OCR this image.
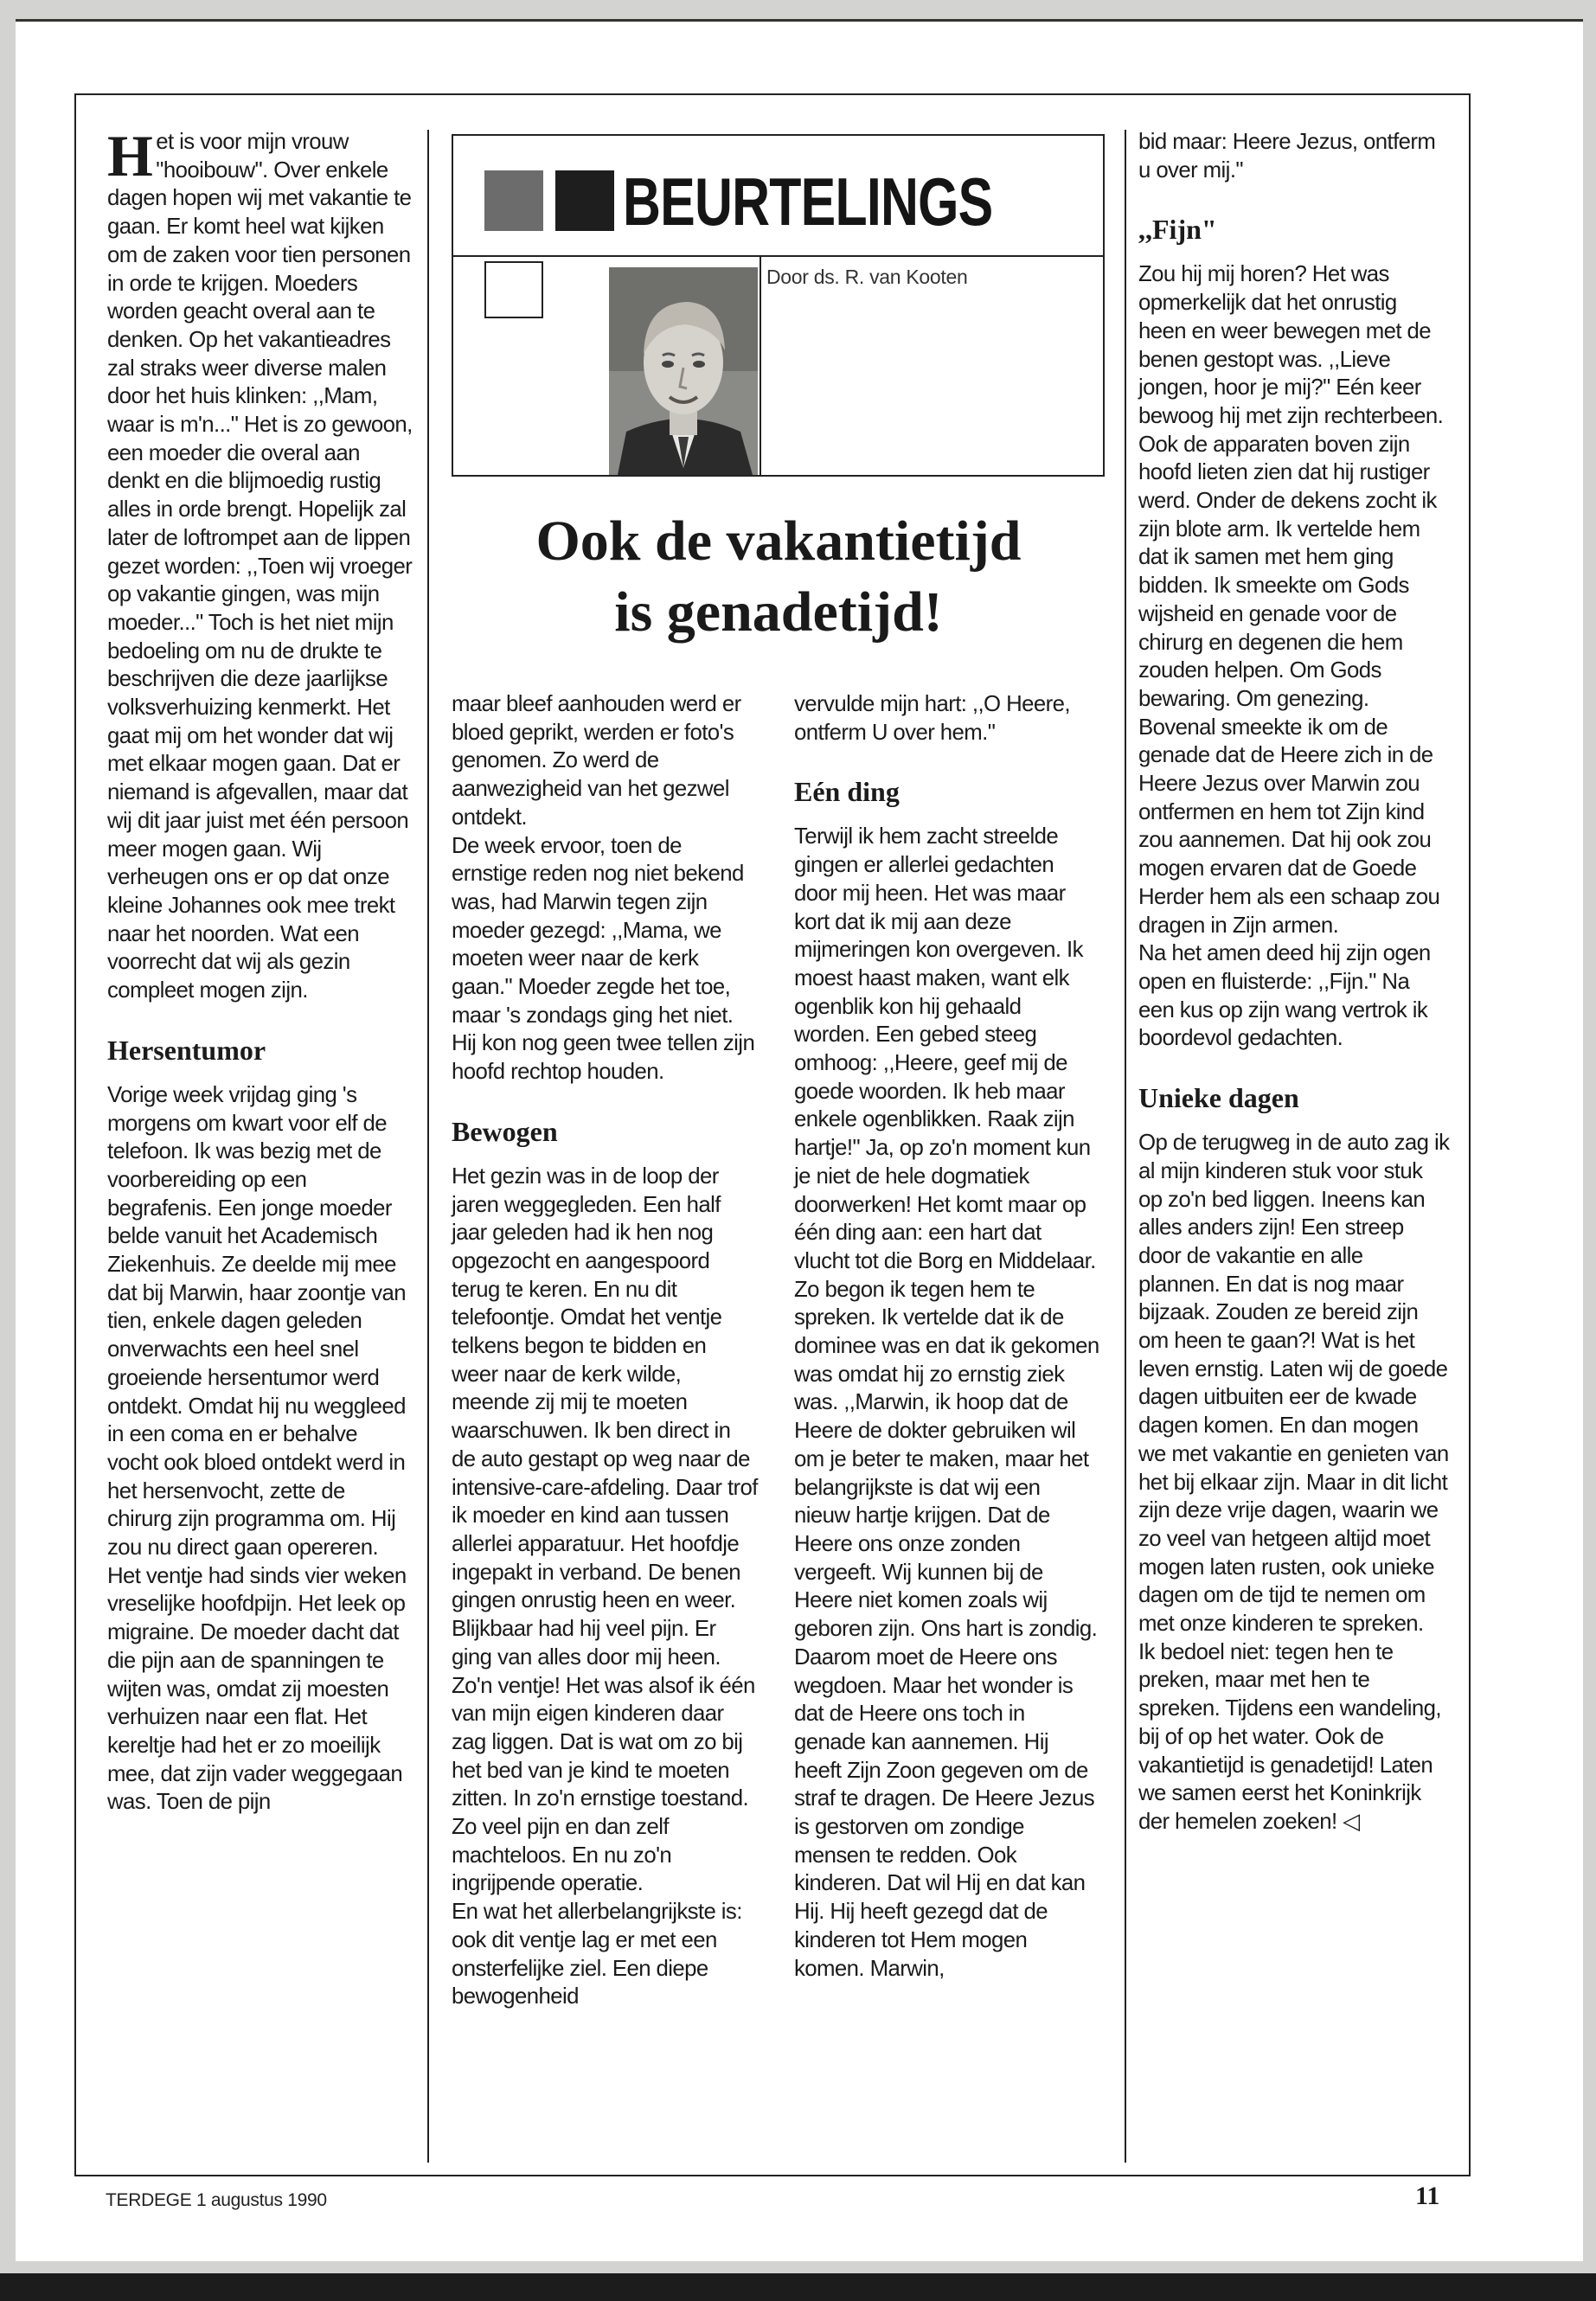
BEURTELINGS
Door ds. R. van Kooten
Ook de vakantietijd
is genadetijd!

Het is voor mijn vrouw "hooibouw". Over enkele dagen hopen wij met vakantie te gaan. Er komt heel wat kijken om de zaken voor tien personen in orde te krijgen. Moeders worden geacht overal aan te denken. Op het vakantieadres zal straks weer diverse malen door het huis klinken: ,,Mam, waar is m'n..." Het is zo gewoon, een moeder die overal aan denkt en die blijmoedig rustig alles in orde brengt. Hopelijk zal later de loftrompet aan de lippen gezet worden: ,,Toen wij vroeger op vakantie gingen, was mijn moeder..." Toch is het niet mijn bedoeling om nu de drukte te beschrijven die deze jaarlijkse volksverhuizing kenmerkt. Het gaat mij om het wonder dat wij met elkaar mogen gaan. Dat er niemand is afgevallen, maar dat wij dit jaar juist met één persoon meer mogen gaan. Wij verheugen ons er op dat onze kleine Johannes ook mee trekt naar het noorden. Wat een voorrecht dat wij als gezin compleet mogen zijn.

Hersentumor

Vorige week vrijdag ging 's morgens om kwart voor elf de telefoon. Ik was bezig met de voorbereiding op een begrafenis. Een jonge moeder belde vanuit het Academisch Ziekenhuis. Ze deelde mij mee dat bij Marwin, haar zoontje van tien, enkele dagen geleden onverwachts een heel snel groeiende hersentumor werd ontdekt. Omdat hij nu weggleed in een coma en er behalve vocht ook bloed ontdekt werd in het hersenvocht, zette de chirurg zijn programma om. Hij zou nu direct gaan opereren.

Het ventje had sinds vier weken vreselijke hoofdpijn. Het leek op migraine. De moeder dacht dat die pijn aan de spanningen te wijten was, omdat zij moesten verhuizen naar een flat. Het kereltje had het er zo moeilijk mee, dat zijn vader weggegaan was. Toen de pijn

maar bleef aanhouden werd er bloed geprikt, werden er foto's genomen. Zo werd de aanwezigheid van het gezwel ontdekt.

De week ervoor, toen de ernstige reden nog niet bekend was, had Marwin tegen zijn moeder gezegd: ,,Mama, we moeten weer naar de kerk gaan." Moeder zegde het toe, maar 's zondags ging het niet. Hij kon nog geen twee tellen zijn hoofd rechtop houden.

Bewogen

Het gezin was in de loop der jaren weggegleden. Een half jaar geleden had ik hen nog opgezocht en aangespoord terug te keren. En nu dit telefoontje. Omdat het ventje telkens begon te bidden en weer naar de kerk wilde, meende zij mij te moeten waarschuwen. Ik ben direct in de auto gestapt op weg naar de intensive-care-afdeling. Daar trof ik moeder en kind aan tussen allerlei apparatuur. Het hoofdje ingepakt in verband. De benen gingen onrustig heen en weer. Blijkbaar had hij veel pijn. Er ging van alles door mij heen. Zo'n ventje! Het was alsof ik één van mijn eigen kinderen daar zag liggen. Dat is wat om zo bij het bed van je kind te moeten zitten. In zo'n ernstige toestand. Zo veel pijn en dan zelf machteloos. En nu zo'n ingrijpende operatie.

En wat het allerbelangrijkste is: ook dit ventje lag er met een onsterfelijke ziel. Een diepe bewogenheid

vervulde mijn hart: ,,O Heere, ontferm U over hem."

Eén ding

Terwijl ik hem zacht streelde gingen er allerlei gedachten door mij heen. Het was maar kort dat ik mij aan deze mijmeringen kon overgeven. Ik moest haast maken, want elk ogenblik kon hij gehaald worden. Een gebed steeg omhoog: ,,Heere, geef mij de goede woorden. Ik heb maar enkele ogenblikken. Raak zijn hartje!" Ja, op zo'n moment kun je niet de hele dogmatiek doorwerken! Het komt maar op één ding aan: een hart dat vlucht tot die Borg en Middelaar.

Zo begon ik tegen hem te spreken. Ik vertelde dat ik de dominee was en dat ik gekomen was omdat hij zo ernstig ziek was. ,,Marwin, ik hoop dat de Heere de dokter gebruiken wil om je beter te maken, maar het belangrijkste is dat wij een nieuw hartje krijgen. Dat de Heere ons onze zonden vergeeft. Wij kunnen bij de Heere niet komen zoals wij geboren zijn. Ons hart is zondig. Daarom moet de Heere ons wegdoen. Maar het wonder is dat de Heere ons toch in genade kan aannemen. Hij heeft Zijn Zoon gegeven om de straf te dragen. De Heere Jezus is gestorven om zondige mensen te redden. Ook kinderen. Dat wil Hij en dat kan Hij. Hij heeft gezegd dat de kinderen tot Hem mogen komen. Marwin,

bid maar: Heere Jezus, ontferm u over mij."

,,Fijn"

Zou hij mij horen? Het was opmerkelijk dat het onrustig heen en weer bewegen met de benen gestopt was. ,,Lieve jongen, hoor je mij?" Eén keer bewoog hij met zijn rechterbeen. Ook de apparaten boven zijn hoofd lieten zien dat hij rustiger werd. Onder de dekens zocht ik zijn blote arm. Ik vertelde hem dat ik samen met hem ging bidden. Ik smeekte om Gods wijsheid en genade voor de chirurg en degenen die hem zouden helpen. Om Gods bewaring. Om genezing. Bovenal smeekte ik om de genade dat de Heere zich in de Heere Jezus over Marwin zou ontfermen en hem tot Zijn kind zou aannemen. Dat hij ook zou mogen ervaren dat de Goede Herder hem als een schaap zou dragen in Zijn armen.

Na het amen deed hij zijn ogen open en fluisterde: ,,Fijn." Na een kus op zijn wang vertrok ik boordevol gedachten.

Unieke dagen

Op de terugweg in de auto zag ik al mijn kinderen stuk voor stuk op zo'n bed liggen. Ineens kan alles anders zijn! Een streep door de vakantie en alle plannen. En dat is nog maar bijzaak. Zouden ze bereid zijn om heen te gaan?! Wat is het leven ernstig. Laten wij de goede dagen uitbuiten eer de kwade dagen komen. En dan mogen we met vakantie en genieten van het bij elkaar zijn. Maar in dit licht zijn deze vrije dagen, waarin we zo veel van hetgeen altijd moet mogen laten rusten, ook unieke dagen om de tijd te nemen om met onze kinderen te spreken.

Ik bedoel niet: tegen hen te preken, maar met hen te spreken. Tijdens een wandeling, bij of op het water. Ook de vakantietijd is genadetijd! Laten we samen eerst het Koninkrijk der hemelen zoeken! ◁

TERDEGE 1 augustus 1990	11
